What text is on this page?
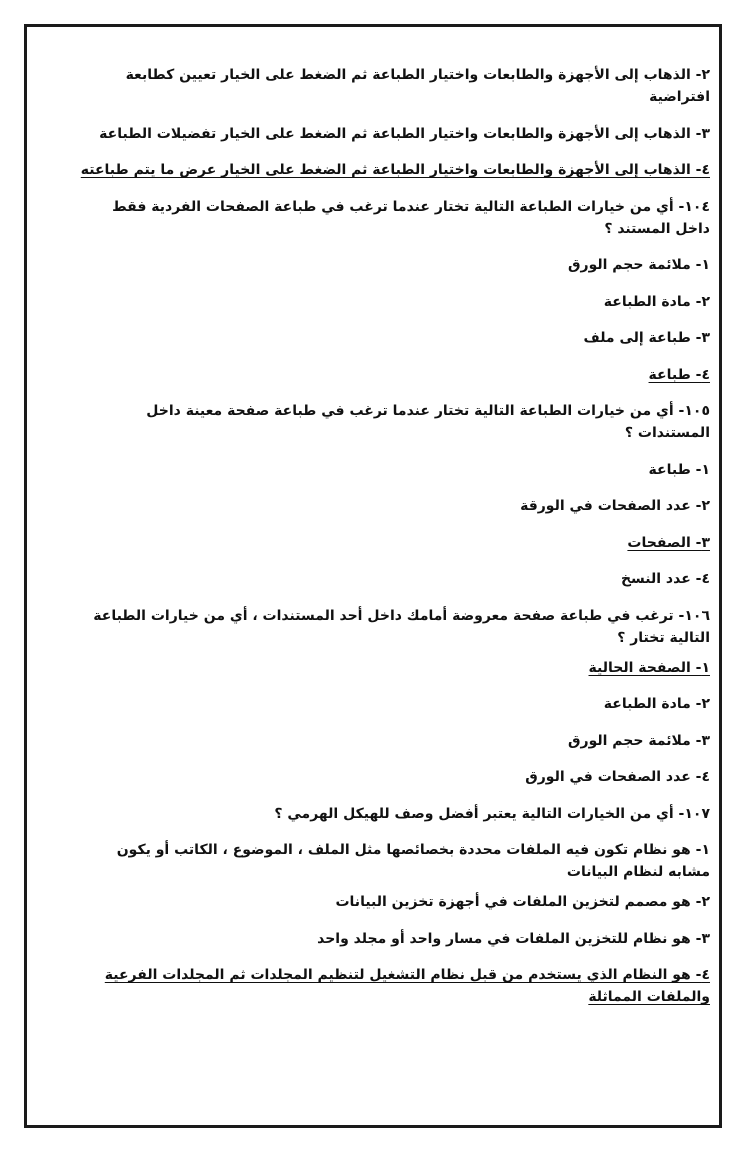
٢- الذهاب إلى الأجهزة والطابعات واختيار الطباعة ثم الضغط على الخيار تعيين كطابعة افتراضية
٣- الذهاب إلى الأجهزة والطابعات واختيار الطباعة ثم الضغط على الخيار تفضيلات الطباعة
٤- الذهاب إلى الأجهزة والطابعات واختيار الطباعة ثم الضغط على الخيار عرض ما يتم طباعته
١٠٤- أي من خيارات الطباعة التالية تختار عندما ترغب في طباعة الصفحات الفردية فقط داخل المستند ؟
١- ملائمة حجم الورق
٢- مادة الطباعة
٣- طباعة إلى ملف
٤- طباعة
١٠٥- أي من خيارات الطباعة التالية تختار عندما ترغب في طباعة صفحة معينة داخل المستندات ؟
١- طباعة
٢- عدد الصفحات في الورقة
٣- الصفحات
٤- عدد النسخ
١٠٦- ترغب في طباعة صفحة معروضة أمامك داخل أحد المستندات ، أي من خيارات الطباعة التالية تختار ؟
١- الصفحة الحالية
٢- مادة الطباعة
٣- ملائمة حجم الورق
٤- عدد الصفحات في الورق
١٠٧- أي من الخيارات التالية يعتبر أفضل وصف للهيكل الهرمي ؟
١- هو نظام تكون فيه الملفات محددة بخصائصها مثل الملف ، الموضوع ، الكاتب أو يكون مشابه لنظام البيانات
٢- هو مصمم لتخزين الملفات في أجهزة تخزين البيانات
٣- هو نظام للتخزين الملفات في مسار واحد أو مجلد واحد
٤- هو النظام الذي يستخدم من قبل نظام التشغيل لتنظيم المجلدات ثم المجلدات الفرعية والملفات المماثلة
